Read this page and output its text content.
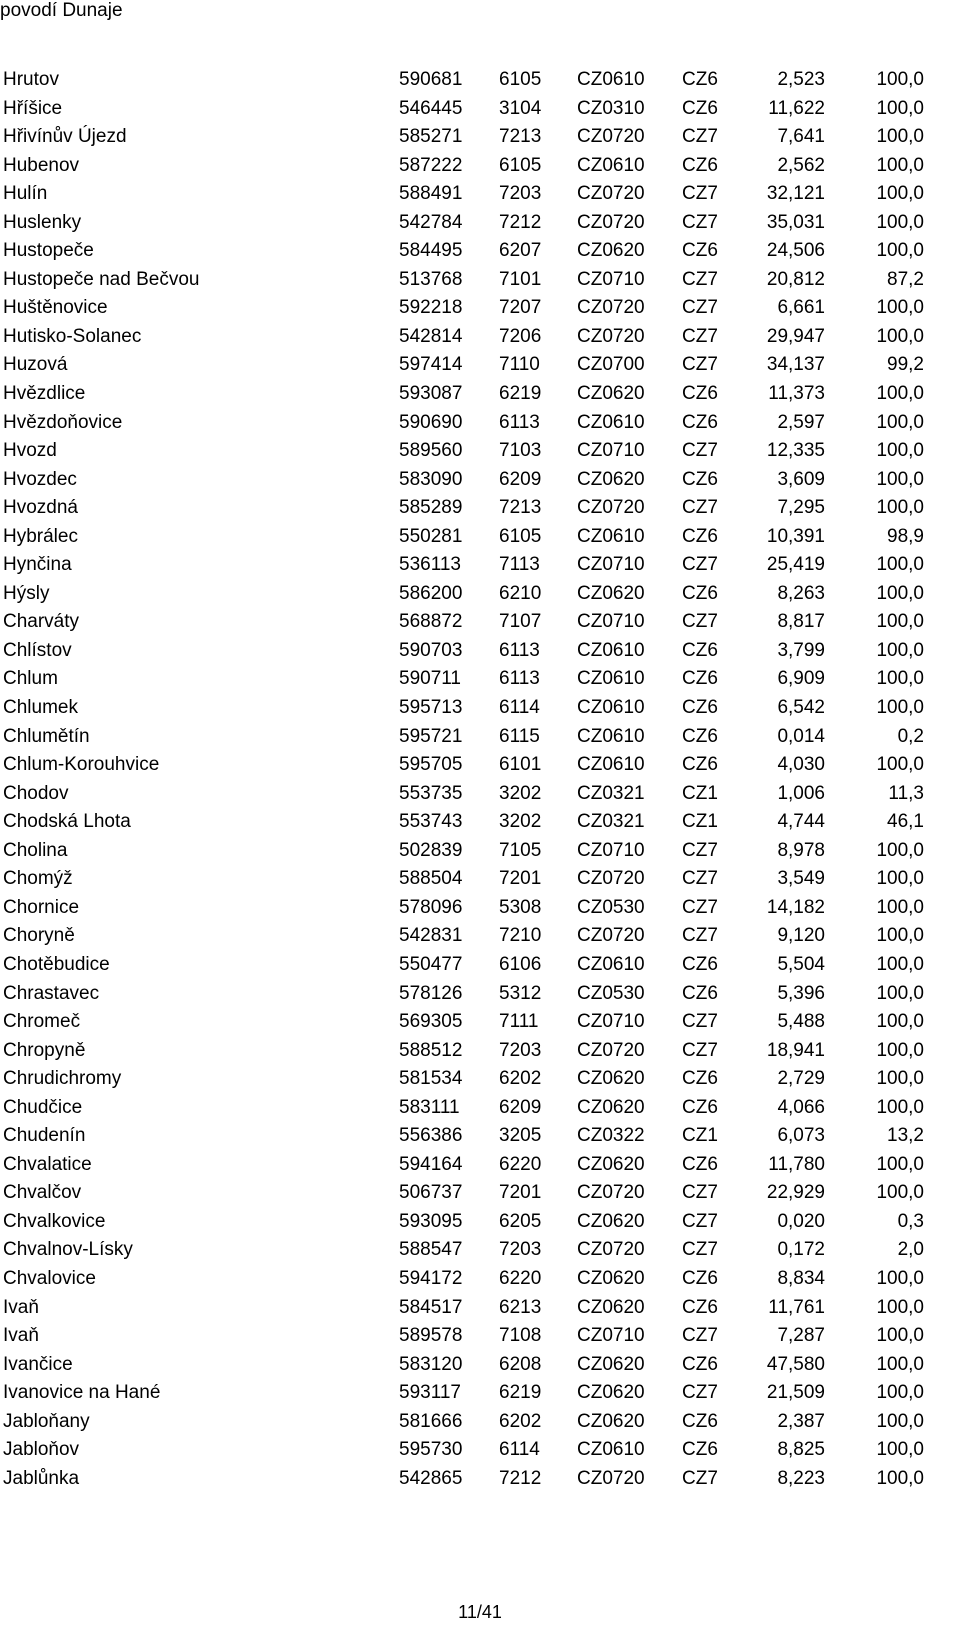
povodí Dunaje
Hrutov	590681 6105 CZ0610 CZ6	2,523	100,0
Hříšice	546445 3104 CZ0310 CZ6	11,622	100,0
Hřivínův Újezd	585271 7213 CZ0720 CZ7	7,641	100,0
Hubenov	587222 6105 CZ0610 CZ6	2,562	100,0
Hulín	588491 7203 CZ0720 CZ7	32,121	100,0
Huslenky	542784 7212 CZ0720 CZ7	35,031	100,0
Hustopeče	584495 6207 CZ0620 CZ6	24,506	100,0
Hustopeče nad Bečvou	513768 7101 CZ0710 CZ7	20,812	87,2
Huštěnovice	592218 7207 CZ0720 CZ7	6,661	100,0
Hutisko-Solanec	542814 7206 CZ0720 CZ7	29,947	100,0
Huzová	597414 7110 CZ0700 CZ7	34,137	99,2
Hvězdlice	593087 6219 CZ0620 CZ6	11,373	100,0
Hvězdoňovice	590690 6113 CZ0610 CZ6	2,597	100,0
Hvozd	589560 7103 CZ0710 CZ7	12,335	100,0
Hvozdec	583090 6209 CZ0620 CZ6	3,609	100,0
Hvozdná	585289 7213 CZ0720 CZ7	7,295	100,0
Hybrálec	550281 6105 CZ0610 CZ6	10,391	98,9
Hynčina	536113 7113 CZ0710 CZ7	25,419	100,0
Hýsly	586200 6210 CZ0620 CZ6	8,263	100,0
Charváty	568872 7107 CZ0710 CZ7	8,817	100,0
Chlístov	590703 6113 CZ0610 CZ6	3,799	100,0
Chlum	590711 6113 CZ0610 CZ6	6,909	100,0
Chlumek	595713 6114 CZ0610 CZ6	6,542	100,0
Chlumětín	595721 6115 CZ0610 CZ6	0,014	0,2
Chlum-Korouhvice	595705 6101 CZ0610 CZ6	4,030	100,0
Chodov	553735 3202 CZ0321 CZ1	1,006	11,3
Chodská Lhota	553743 3202 CZ0321 CZ1	4,744	46,1
Cholina	502839 7105 CZ0710 CZ7	8,978	100,0
Chomýž	588504 7201 CZ0720 CZ7	3,549	100,0
Chornice	578096 5308 CZ0530 CZ7	14,182	100,0
Choryně	542831 7210 CZ0720 CZ7	9,120	100,0
Chotěbudice	550477 6106 CZ0610 CZ6	5,504	100,0
Chrastavec	578126 5312 CZ0530 CZ6	5,396	100,0
Chromeč	569305 7111 CZ0710 CZ7	5,488	100,0
Chropyně	588512 7203 CZ0720 CZ7	18,941	100,0
Chrudichromy	581534 6202 CZ0620 CZ6	2,729	100,0
Chudčice	583111 6209 CZ0620 CZ6	4,066	100,0
Chudenín	556386 3205 CZ0322 CZ1	6,073	13,2
Chvalatice	594164 6220 CZ0620 CZ6	11,780	100,0
Chvalčov	506737 7201 CZ0720 CZ7	22,929	100,0
Chvalkovice	593095 6205 CZ0620 CZ7	0,020	0,3
Chvalnov-Lísky	588547 7203 CZ0720 CZ7	0,172	2,0
Chvalovice	594172 6220 CZ0620 CZ6	8,834	100,0
Ivaň	584517 6213 CZ0620 CZ6	11,761	100,0
Ivaň	589578 7108 CZ0710 CZ7	7,287	100,0
Ivančice	583120 6208 CZ0620 CZ6	47,580	100,0
Ivanovice na Hané	593117 6219 CZ0620 CZ7	21,509	100,0
Jabloňany	581666 6202 CZ0620 CZ6	2,387	100,0
Jabloňov	595730 6114 CZ0610 CZ6	8,825	100,0
Jablůnka	542865 7212 CZ0720 CZ7	8,223	100,0
11/41
